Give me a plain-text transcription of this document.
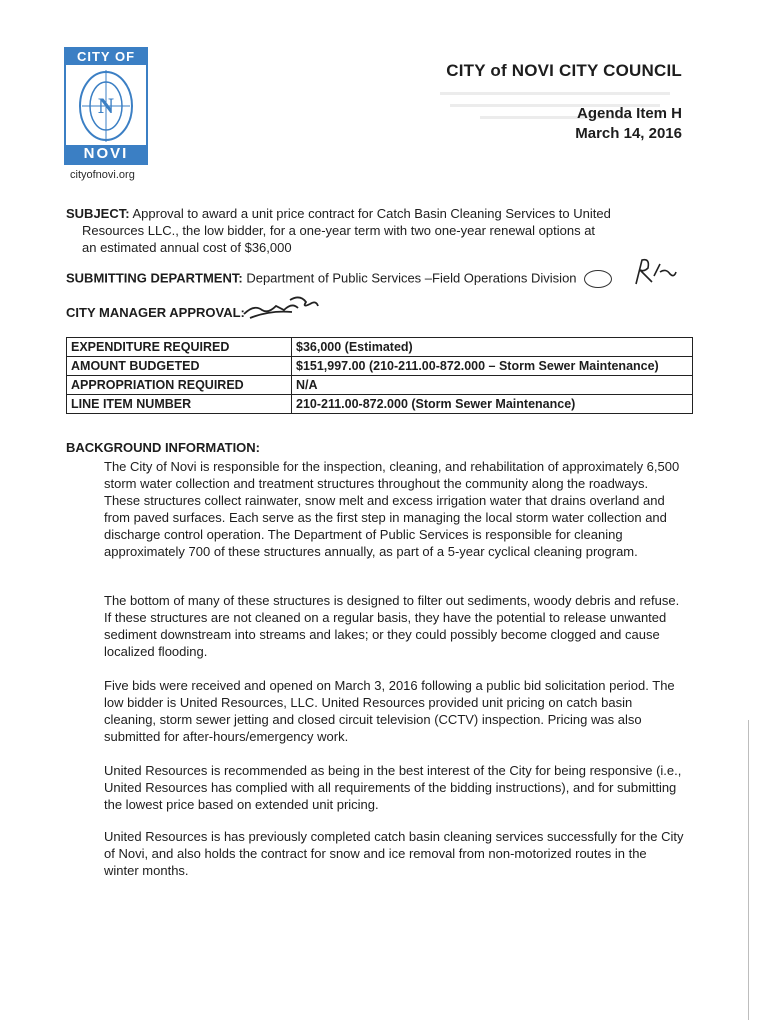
CITY OF
N
NOVI
cityofnovi.org
CITY of NOVI CITY COUNCIL
Agenda Item H
March 14, 2016
SUBJECT: Approval to award a unit price contract for Catch Basin Cleaning Services to United
Resources LLC., the low bidder, for a one-year term with two one-year renewal options at
an estimated annual cost of $36,000
SUBMITTING DEPARTMENT: Department of Public Services –Field Operations Division
CITY MANAGER APPROVAL:
EXPENDITURE REQUIRED	$36,000 (Estimated)
AMOUNT BUDGETED	$151,997.00 (210-211.00-872.000 – Storm Sewer Maintenance)
APPROPRIATION REQUIRED	N/A
LINE ITEM NUMBER	210-211.00-872.000 (Storm Sewer Maintenance)
BACKGROUND INFORMATION:
The City of Novi is responsible for the inspection, cleaning, and rehabilitation of approximately 6,500 storm water collection and treatment structures throughout the community along the roadways. These structures collect rainwater, snow melt and excess irrigation water that drains overland and from paved surfaces. Each serve as the first step in managing the local storm water collection and discharge control operation. The Department of Public Services is responsible for cleaning approximately 700 of these structures annually, as part of a 5-year cyclical cleaning program.
The bottom of many of these structures is designed to filter out sediments, woody debris and refuse. If these structures are not cleaned on a regular basis, they have the potential to release unwanted sediment downstream into streams and lakes; or they could possibly become clogged and cause localized flooding.
Five bids were received and opened on March 3, 2016 following a public bid solicitation period. The low bidder is United Resources, LLC. United Resources provided unit pricing on catch basin cleaning, storm sewer jetting and closed circuit television (CCTV) inspection. Pricing was also submitted for after-hours/emergency work.
United Resources is recommended as being in the best interest of the City for being responsive (i.e., United Resources has complied with all requirements of the bidding instructions), and for submitting the lowest price based on extended unit pricing.
United Resources is has previously completed catch basin cleaning services successfully for the City of Novi, and also holds the contract for snow and ice removal from non-motorized routes in the winter months.
